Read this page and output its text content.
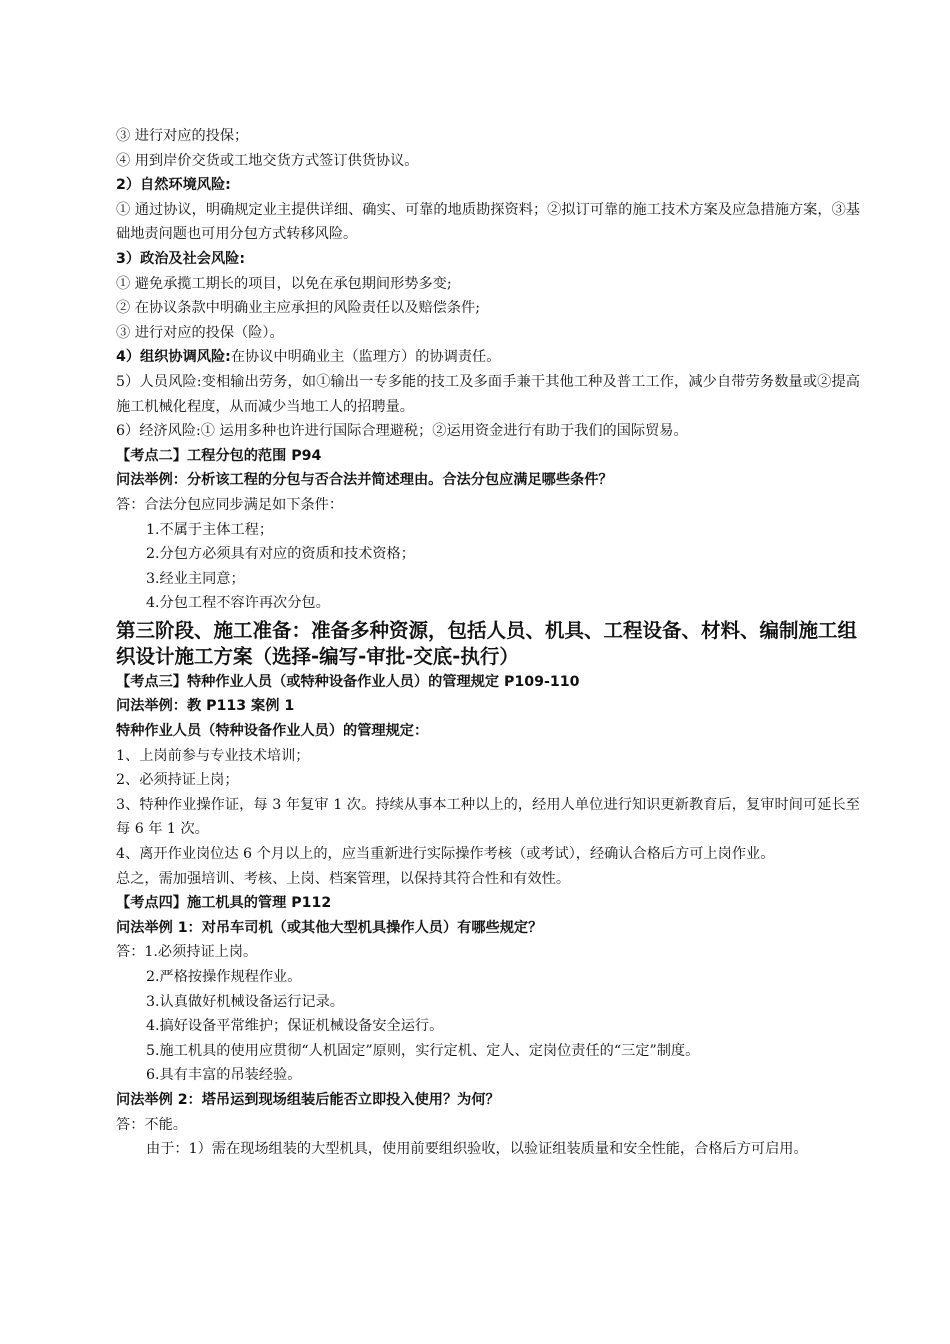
③ 进行对应的投保；

④ 用到岸价交货或工地交货方式签订供货协议。

2）自然环境风险:

① 通过协议，明确规定业主提供详细、确实、可靠的地质勘探资料；②拟订可靠的施工技术方案及应急措施方案，③基础地责问题也可用分包方式转移风险。

3）政治及社会风险:

① 避免承揽工期长的项目，以免在承包期间形势多变;

② 在协议条款中明确业主应承担的风险责任以及赔偿条件;

③ 进行对应的投保（险）。

4）组织协调风险:在协议中明确业主（监理方）的协调责任。

5）人员风险:变相输出劳务，如①输出一专多能的技工及多面手兼干其他工种及普工工作，减少自带劳务数量或②提高施工机械化程度，从而减少当地工人的招聘量。

6）经济风险:① 运用多种也许进行国际合理避税；②运用资金进行有助于我们的国际贸易。

【考点二】工程分包的范围 P94

问法举例：分析该工程的分包与否合法并简述理由。合法分包应满足哪些条件？

答：合法分包应同步满足如下条件：

1.不属于主体工程；

2.分包方必须具有对应的资质和技术资格；

3.经业主同意；

4.分包工程不容许再次分包。

第三阶段、施工准备：准备多种资源，包括人员、机具、工程设备、材料、编制施工组织设计施工方案（选择-编写-审批-交底-执行）

【考点三】特种作业人员（或特种设备作业人员）的管理规定 P109-110

问法举例：教 P113 案例 1

特种作业人员（特种设备作业人员）的管理规定：

1、上岗前参与专业技术培训；

2、必须持证上岗；

3、特种作业操作证，每 3 年复审 1 次。持续从事本工种以上的，经用人单位进行知识更新教育后，复审时间可延长至每 6 年 1 次。

4、离开作业岗位达 6 个月以上的，应当重新进行实际操作考核（或考试），经确认合格后方可上岗作业。

总之，需加强培训、考核、上岗、档案管理，以保持其符合性和有效性。

【考点四】施工机具的管理 P112

问法举例 1：对吊车司机（或其他大型机具操作人员）有哪些规定？

答：1.必须持证上岗。

2.严格按操作规程作业。

3.认真做好机械设备运行记录。

4.搞好设备平常维护；保证机械设备安全运行。

5.施工机具的使用应贯彻“人机固定”原则，实行定机、定人、定岗位责任的“三定”制度。

6.具有丰富的吊装经验。

问法举例 2：塔吊运到现场组装后能否立即投入使用？为何？

答：不能。

由于：1）需在现场组装的大型机具，使用前要组织验收，以验证组装质量和安全性能，合格后方可启用。
